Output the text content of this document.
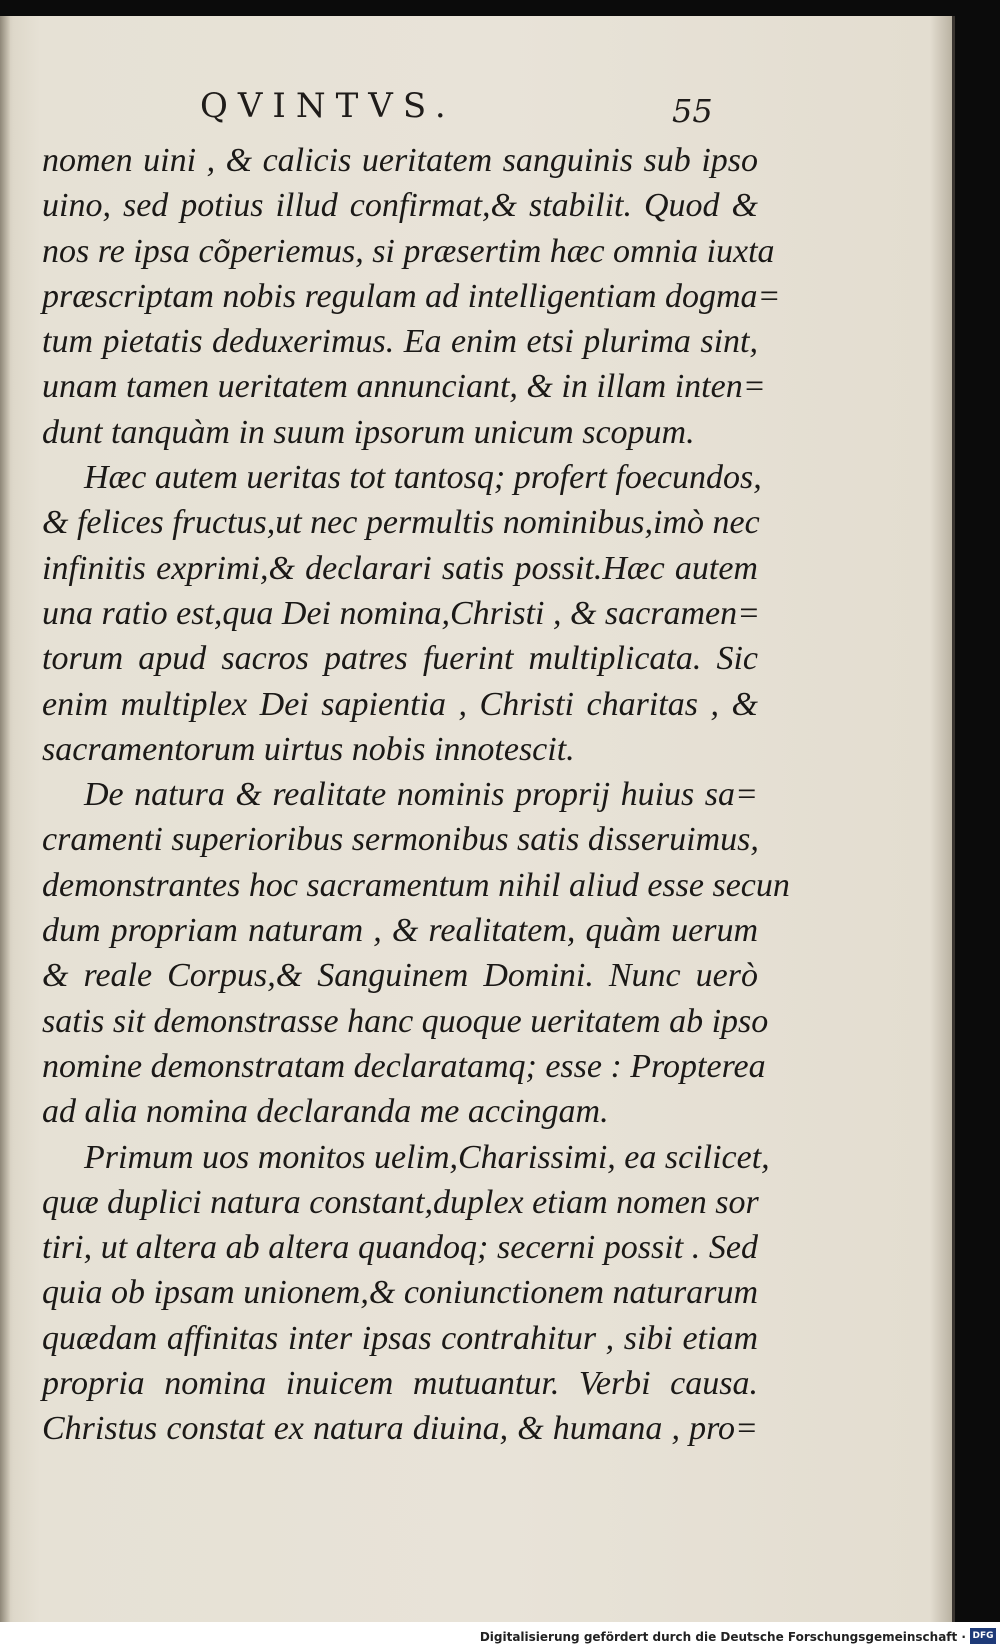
QVINTVS.	55
nomen uini , & calicis ueritatem sanguinis sub ipso
uino, sed potius illud confirmat,& stabilit. Quod &
nos re ipsa cõperiemus, si præsertim hæc omnia iuxta
præscriptam nobis regulam ad intelligentiam dogma=
tum pietatis deduxerimus. Ea enim etsi plurima sint,
unam tamen ueritatem annunciant, & in illam inten=
dunt tanquàm in suum ipsorum unicum scopum.
Hæc autem ueritas tot tantosq; profert foecundos,
& felices fructus,ut nec permultis nominibus,imò nec
infinitis exprimi,& declarari satis possit.Hæc autem
una ratio est,qua Dei nomina,Christi , & sacramen=
torum apud sacros patres fuerint multiplicata. Sic
enim multiplex Dei sapientia , Christi charitas , &
sacramentorum uirtus nobis innotescit.
De natura & realitate nominis proprij huius sa=
cramenti superioribus sermonibus satis disseruimus,
demonstrantes hoc sacramentum nihil aliud esse secun
dum propriam naturam , & realitatem, quàm uerum
& reale Corpus,& Sanguinem Domini. Nunc uerò
satis sit demonstrasse hanc quoque ueritatem ab ipso
nomine demonstratam declaratamq; esse : Propterea
ad alia nomina declaranda me accingam.
Primum uos monitos uelim,Charissimi, ea scilicet,
quæ duplici natura constant,duplex etiam nomen sor
tiri, ut altera ab altera quandoq; secerni possit . Sed
quia ob ipsam unionem,& coniunctionem naturarum
quædam affinitas inter ipsas contrahitur , sibi etiam
propria nomina inuicem mutuantur. Verbi causa.
Christus constat ex natura diuina, & humana , pro=
Digitalisierung gefördert durch die Deutsche Forschungsgemeinschaft · DFG
